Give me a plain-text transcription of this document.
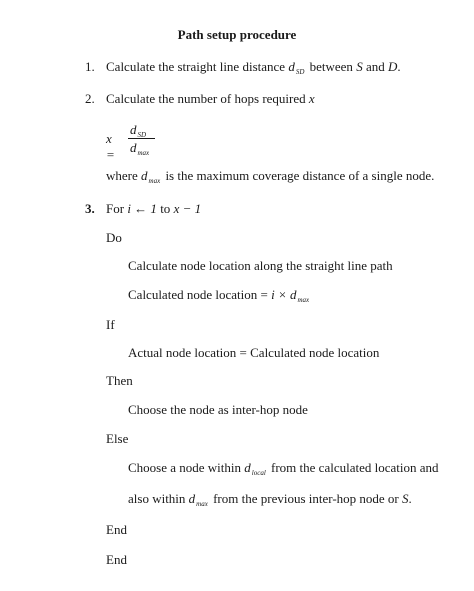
Path setup procedure
1. Calculate the straight line distance $d_{SD}$ between S and D.
2. Calculate the number of hops required x
x =
$d_{SD}$
$d_{max}$
where $d_{max}$ is the maximum coverage distance of a single node.
3. For i ← 1 to x − 1
Do
Calculate node location along the straight line path
Calculated node location = $i \times d_{max}$
If
Actual node location = Calculated node location
Then
Choose the node as inter-hop node
Else
Choose a node within $d_{local}$ from the calculated location and
also within $d_{max}$ from the previous inter-hop node or S.
End
End
